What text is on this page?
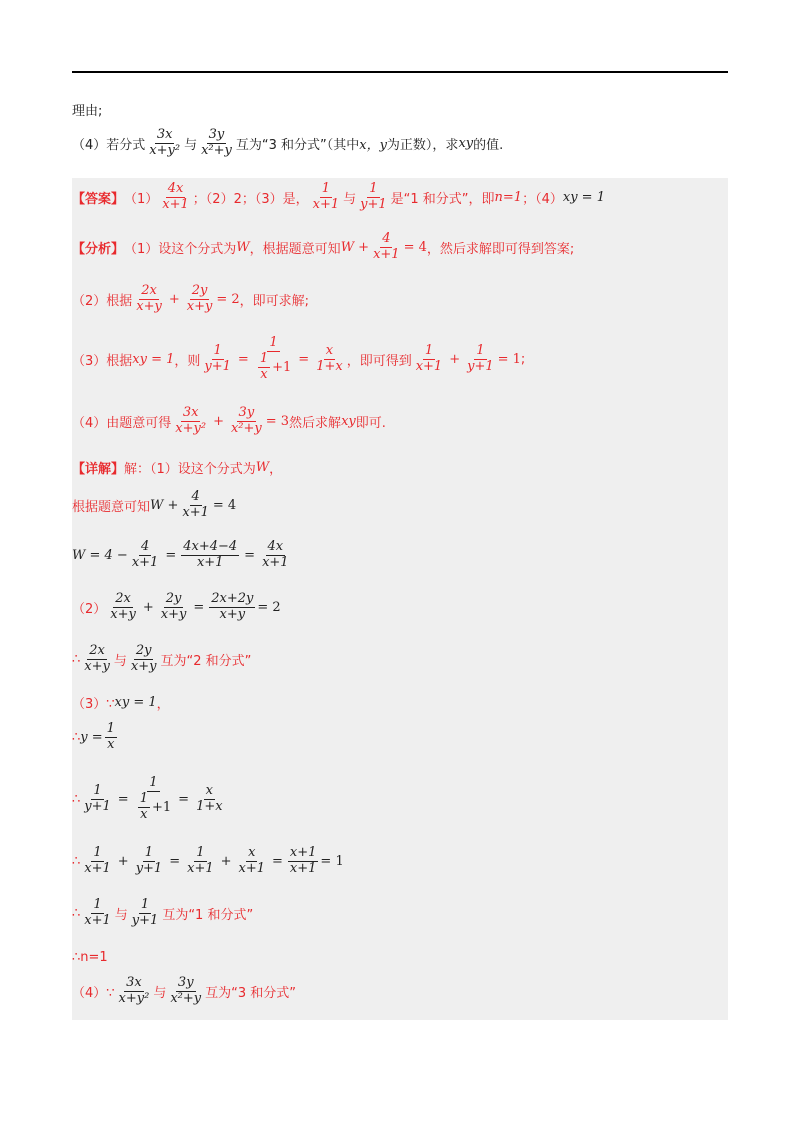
理由;
（4）若分式 $\frac{3x}{\text{x+y²}}$ 与 $\frac{3y}{\text{x²+y}}$ 互为“3 和分式”（其中 x，y 为正数），求 xy 的值.
【答案】 $(1) \frac{4x}{x+1}$ ；（2）2；（3）是， $\frac{1}{x+1}$ 与 $\frac{1}{y+1}$ 是“1 和分式”，即 n=1 ；（4） xy = 1
【分析】 （1）设这个分式为 W ，根据题意可知 $W + \frac{4}{x+1} = 4$ ，然后求解即可得到答案;
（2）根据 $\frac{2x}{x+y} + \frac{2y}{x+y} = 2$ ，即可求解;
（3）根据 xy = 1 ，则 $\frac{1}{y+1} = \frac{1}{\frac{1}{x} +1} = \frac{x}{1+x}$ ，即可得到 $\frac{1}{x+1} + \frac{1}{y+1} = 1$ ;
（4）由题意可得 $\frac{3x}{\text{x+y²}} + \frac{3y}{\text{x²+y}} = 3$ 然后求解 xy 即可.
【详解】 解：（1）设这个分式为 W ，
根据题意可知 $W + \frac{4}{x+1} = 4$
$W = 4 - \frac{4}{x+1} = \frac{4x+4-4}{x+1} = \frac{4x}{x+1}$
$(2) \frac{2x}{x+y} + \frac{2y}{x+y} = \frac{2x+2y}{x+y} = 2$
∴ $\frac{2x}{x+y}$ 与 $\frac{2y}{x+y}$ 互为“2 和分式”
（3）∵ xy = 1 ，
∴ $y = \frac{1}{x}$
∴ $\frac{1}{y+1} = \frac{1}{\frac{1}{x} +1} = \frac{x}{1+x}$
∴ $\frac{1}{x+1} + \frac{1}{y+1} = \frac{1}{x+1} + \frac{x}{x+1} = \frac{x+1}{x+1} = 1$
∴ $\frac{1}{x+1}$ 与 $\frac{1}{y+1}$ 互为“1 和分式”
∴n=1
（4）∵ $\frac{3x}{\text{x+y²}}$ 与 $\frac{3y}{\text{x²+y}}$ 互为“3 和分式”
